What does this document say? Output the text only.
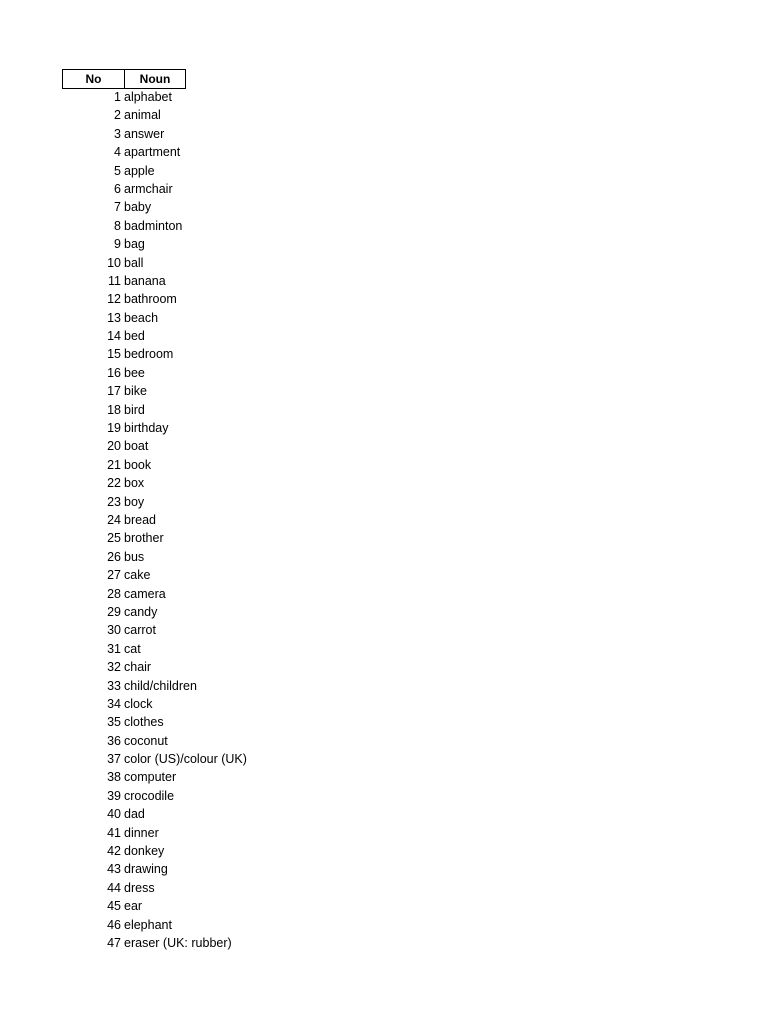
No	Noun
1 alphabet
2 animal
3 answer
4 apartment
5 apple
6 armchair
7 baby
8 badminton
9 bag
10 ball
11 banana
12 bathroom
13 beach
14 bed
15 bedroom
16 bee
17 bike
18 bird
19 birthday
20 boat
21 book
22 box
23 boy
24 bread
25 brother
26 bus
27 cake
28 camera
29 candy
30 carrot
31 cat
32 chair
33 child/children
34 clock
35 clothes
36 coconut
37 color (US)/colour (UK)
38 computer
39 crocodile
40 dad
41 dinner
42 donkey
43 drawing
44 dress
45 ear
46 elephant
47 eraser (UK: rubber)
